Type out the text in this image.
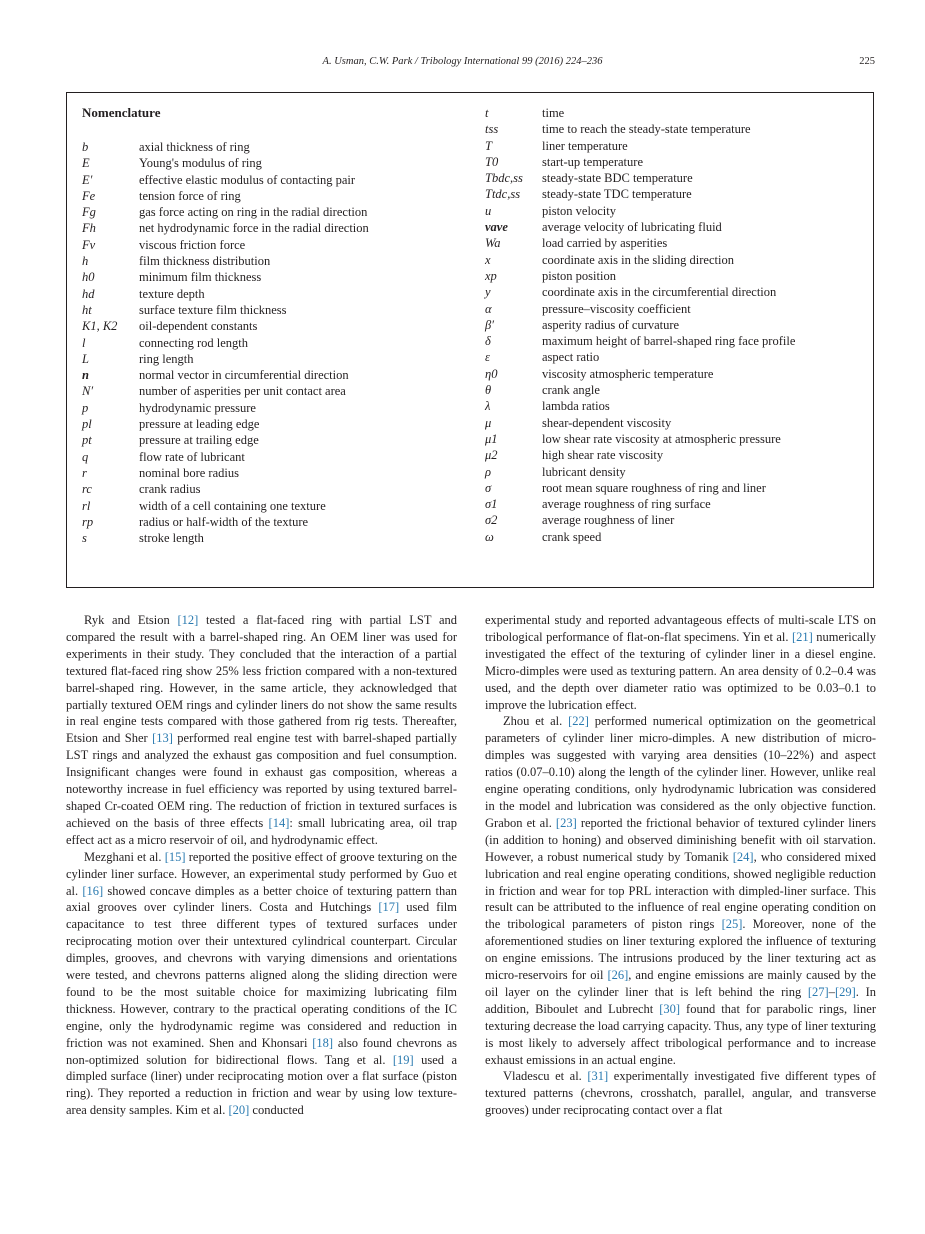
A. Usman, C.W. Park / Tribology International 99 (2016) 224–236	225
Nomenclature
b	axial thickness of ring
E	Young's modulus of ring
E′	effective elastic modulus of contacting pair
Fe	tension force of ring
Fg	gas force acting on ring in the radial direction
Fh	net hydrodynamic force in the radial direction
Fv	viscous friction force
h	film thickness distribution
h0	minimum film thickness
hd	texture depth
ht	surface texture film thickness
K1, K2 oil-dependent constants
l	connecting rod length
L	ring length
n	normal vector in circumferential direction
N′	number of asperities per unit contact area
p	hydrodynamic pressure
pl	pressure at leading edge
pt	pressure at trailing edge
q	flow rate of lubricant
r	nominal bore radius
rc	crank radius
rl	width of a cell containing one texture
rp	radius or half-width of the texture
s	stroke length
t	time
tss	time to reach the steady-state temperature
T	liner temperature
T0	start-up temperature
Tbdc,ss steady-state BDC temperature
Ttdc,ss steady-state TDC temperature
u	piston velocity
vave	average velocity of lubricating fluid
Wa	load carried by asperities
x	coordinate axis in the sliding direction
xp	piston position
y	coordinate axis in the circumferential direction
α	pressure–viscosity coefficient
β′	asperity radius of curvature
δ	maximum height of barrel-shaped ring face profile
ε	aspect ratio
η0	viscosity atmospheric temperature
θ	crank angle
λ	lambda ratios
μ	shear-dependent viscosity
μ1	low shear rate viscosity at atmospheric pressure
μ2	high shear rate viscosity
ρ	lubricant density
σ	root mean square roughness of ring and liner
σ1	average roughness of ring surface
σ2	average roughness of liner
ω	crank speed

Ryk and Etsion [12] tested a flat-faced ring with partial LST and compared the result with a barrel-shaped ring. An OEM liner was used for experiments in their study. They concluded that the interaction of a partial textured flat-faced ring show 25% less friction compared with a non-textured barrel-shaped ring. However, in the same article, they acknowledged that partially textured OEM rings and cylinder liners do not show the same results in real engine tests compared with those gathered from rig tests. Thereafter, Etsion and Sher [13] performed real engine test with barrel-shaped partially LST rings and analyzed the exhaust gas composition and fuel consumption. Insignificant changes were found in exhaust gas composition, whereas a noteworthy increase in fuel efficiency was reported by using textured barrel-shaped Cr-coated OEM ring. The reduction of friction in textured surfaces is achieved on the basis of three effects [14]: small lubricating area, oil trap effect act as a micro reservoir of oil, and hydrodynamic effect.

Mezghani et al. [15] reported the positive effect of groove texturing on the cylinder liner surface. However, an experimental study performed by Guo et al. [16] showed concave dimples as a better choice of texturing pattern than axial grooves over cylinder liners. Costa and Hutchings [17] used film capacitance to test three different types of textured surfaces under reciprocating motion over their untextured cylindrical counterpart. Circular dimples, grooves, and chevrons with varying dimensions and orientations were tested, and chevrons patterns aligned along the sliding direction were found to be the most suitable choice for maximizing lubricating film thickness. However, contrary to the practical operating conditions of the IC engine, only the hydrodynamic regime was considered and reduction in friction was not examined. Shen and Khonsari [18] also found chevrons as non-optimized solution for bidirectional flows. Tang et al. [19] used a dimpled surface (liner) under reciprocating motion over a flat surface (piston ring). They reported a reduction in friction and wear by using low texture-area density samples. Kim et al. [20] conducted

experimental study and reported advantageous effects of multi-scale LTS on tribological performance of flat-on-flat specimens. Yin et al. [21] numerically investigated the effect of the texturing of cylinder liner in a diesel engine. Micro-dimples were used as texturing pattern. An area density of 0.2–0.4 was used, and the depth over diameter ratio was optimized to be 0.03–0.1 to improve the lubrication effect.

Zhou et al. [22] performed numerical optimization on the geometrical parameters of cylinder liner micro-dimples. A new distribution of micro-dimples was suggested with varying area densities (10–22%) and aspect ratios (0.07–0.10) along the length of the cylinder liner. However, unlike real engine operating conditions, only hydrodynamic lubrication was considered in the model and lubrication was considered as the only objective function. Grabon et al. [23] reported the frictional behavior of textured cylinder liners (in addition to honing) and observed diminishing benefit with oil starvation. However, a robust numerical study by Tomanik [24], who considered mixed lubrication and real engine operating conditions, showed negligible reduction in friction and wear for top PRL interaction with dimpled-liner surface. This result can be attributed to the influence of real engine operating condition on the tribological parameters of piston rings [25]. Moreover, none of the aforementioned studies on liner texturing explored the influence of texturing on engine emissions. The intrusions produced by the liner texturing act as micro-reservoirs for oil [26], and engine emissions are mainly caused by the oil layer on the cylinder liner that is left behind the ring [27]–[29]. In addition, Biboulet and Lubrecht [30] found that for parabolic rings, liner texturing decrease the load carrying capacity. Thus, any type of liner texturing is most likely to adversely affect tribological performance and to increase exhaust emissions in an actual engine.

Vladescu et al. [31] experimentally investigated five different types of textured patterns (chevrons, crosshatch, parallel, angular, and transverse grooves) under reciprocating contact over a flat
